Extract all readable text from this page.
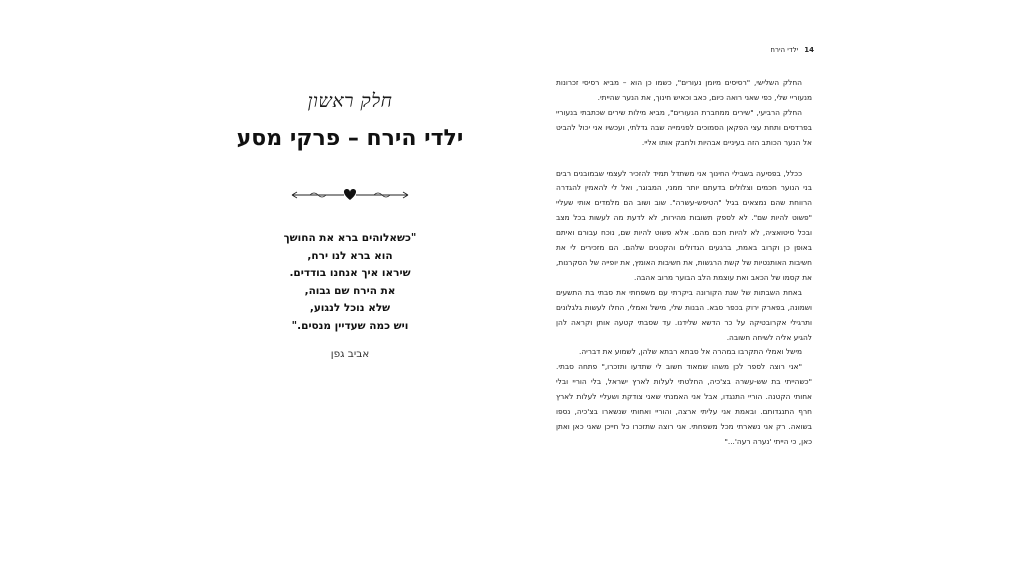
חלק ראשון
ילדי הירח – פרקי מסע
"כשאלוהים ברא את החושך
הוא ברא לנו ירח,
שיראו איך אנחנו בודדים.
את הירח שם גבוה,
שלא נוכל לנגוע,
ויש כמה שעדיין מנסים."
אביב גפן
14ילדי הירח

החלק השלישי, "רסיסים מיומן נעורים", כשמו כן הוא – מביא רסיסי זכרונות מנעוריי שלי, כפי שאני רואה כיום, כאב וכאיש חינוך, את הנער שהייתי.

החלק הרביעי, "שירים ממחברת הנעורים", מביא מילות שירים שכתבתי בנעוריי בפרדסים ותחת עצי הפקאן הסמוכים לפנימייה שבה גדלתי, ועכשיו אני יכול להביט אל הנער הכותב הזה בעיניים אבהיות ולחבק אותו אליי.

ככלל, בפסיעה בשבילי החינוך אני משתדל תמיד להזכיר לעצמי שבמובנים רבים בני הנוער חכמים וצלולים בדעתם יותר ממני, המבוגר, ואל לי להאמין להגדרה הרווחת שהם נמצאים בגיל "הטיפש-עשרה". שוב ושוב הם מלמדים אותי שעליי "פשוט להיות שם". לא לספק תשובות מהירות, לא לדעת מה לעשות בכל מצב ובכל סיטואציה, לא להיות חכם מהם. אלא פשוט להיות שם, נוכח עבורם ואיתם באופן כן וקרוב באמת, ברגעים הגדולים והקטנים שלהם. הם מזכירים לי את חשיבות האותנטיות של קשת הרגשות, את חשיבות האומץ, את יופייה של הסקרנות, את קסמו של הכאב ואת עוצמת הלב הבוער מרוב אהבה.

באחת השבתות של שנת הקורונה ביקרתי עם משפחתי את סבתי בת התשעים ושמונה, בפארק ירוק בכפר סבא. הבנות שלי, מישל ואמלי, החלו לעשות גלגלונים ותרגילי אקרובטיקה על כר הדשא שלידנו. עד שסבתי קטעה אותן וקראה להן להגיע אליה לשיחה חשובה.

מישל ואמלי התקרבו במהרה אל סבתא רבתא שלהן, לשמוע את דבריה.

"אני רוצה לספר לכן משהו שמאוד חשוב לי שתדעו ותזכרו," פתחה סבתי. "כשהייתי בת שש-עשרה בצ'כיה, החלטתי לעלות לארץ ישראל, בלי הוריי ובלי אחותי הקטנה. הוריי התנגדו, אבל אני האמנתי שאני צודקת ושעליי לעלות לארץ חרף התנגדותם. ובאמת אני עליתי ארצה, והוריי ואחותי שנשארו בצ'כיה, נספו בשואה. רק אני נשארתי מכל משפחתי. אני רוצה שתזכרו כל חייכן שאני כאן ואתן כאן, כי הייתי 'נערה רעה'..."
